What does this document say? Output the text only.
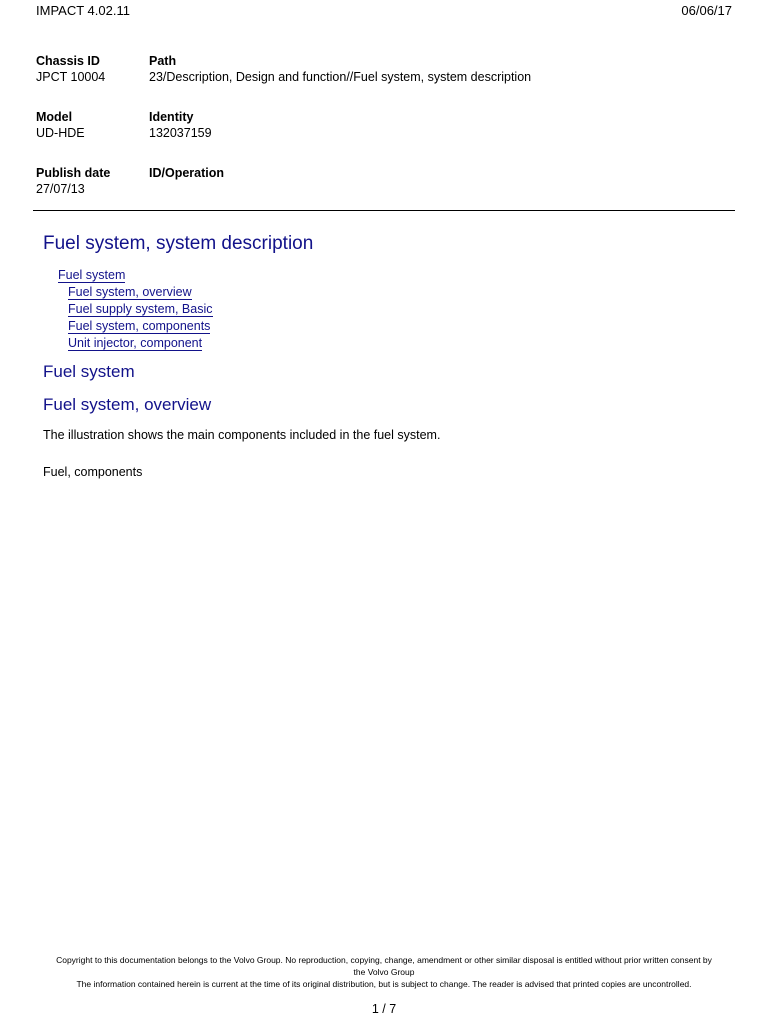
IMPACT 4.02.11	06/06/17
Chassis ID
JPCT 10004
Path
23/Description, Design and function//Fuel system, system description
Model
UD-HDE
Identity
132037159
Publish date
27/07/13
ID/Operation
Fuel system, system description
Fuel system
Fuel system, overview
Fuel supply system, Basic
Fuel system, components
Unit injector, component
Fuel system
Fuel system, overview

The illustration shows the main components included in the fuel system.

Fuel, components

Copyright to this documentation belongs to the Volvo Group. No reproduction, copying, change, amendment or other similar disposal is entitled without prior written consent by
the Volvo Group
The information contained herein is current at the time of its original distribution, but is subject to change. The reader is advised that printed copies are uncontrolled.
1 / 7
